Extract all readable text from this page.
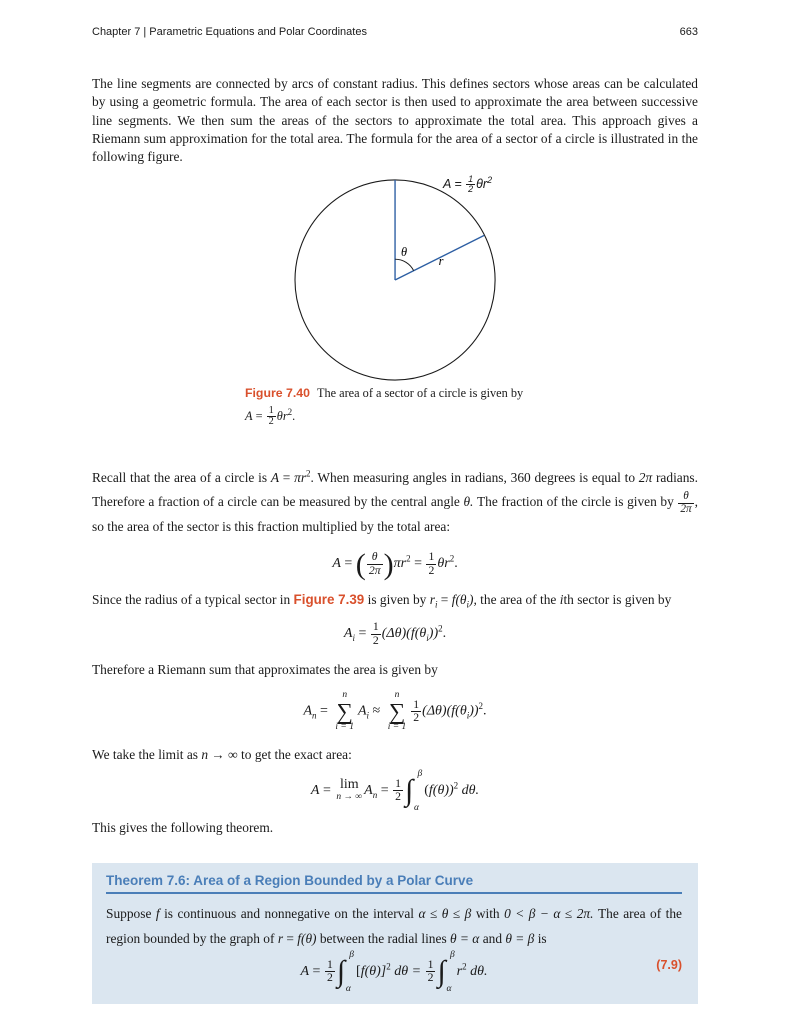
Chapter 7 | Parametric Equations and Polar Coordinates	663

The line segments are connected by arcs of constant radius. This defines sectors whose areas can be calculated by using a geometric formula. The area of each sector is then used to approximate the area between successive line segments. We then sum the areas of the sectors to approximate the total area. This approach gives a Riemann sum approximation for the total area. The formula for the area of a sector of a circle is illustrated in the following figure.

θ
r
$A = \frac{1}{2} \theta r^2$
Figure 7.40 The area of a sector of a circle is given by
$A = \frac{1}{2} \theta r^2$.

Recall that the area of a circle is $A = \pi r^2$. When measuring angles in radians, 360 degrees is equal to 2π radians. Therefore a fraction of a circle can be measured by the central angle θ. The fraction of the circle is given by $\frac{\theta}{2\pi}$ , so the area of the sector is this fraction multiplied by the total area:

A = ( $\frac{\theta}{2\pi} )\pi r^2 = \frac{1}{2} \theta r^2$.

Since the radius of a typical sector in Figure 7.39 is given by $r_i = f(\theta_i)$, the area of the ith sector is given by

$A_i = \frac{1}{2} (\Delta\theta)(f(\theta_i))^2$.

Therefore a Riemann sum that approximates the area is given by

$A_n$ =
n
∑
i = 1
$A_i$ ≈
n
∑
i = 1
$\frac{1}{2} (\Delta\theta)(f(\theta_i))^2$.

We take the limit as n → ∞ to get the exact area:

A = lim
n → ∞ $A_n = \frac{1}{2}$ ∫ β
α
$(f(\theta))^2$ dθ.

This gives the following theorem.

Theorem 7.6: Area of a Region Bounded by a Polar Curve
Suppose f is continuous and nonnegative on the interval α ≤ θ ≤ β with 0 < β − α ≤ 2π. The area of the region bounded by the graph of r = f(θ) between the radial lines θ = α and θ = β is
(7.9)
$A = \frac{1}{2}$ ∫ β
α
$[f(\theta)]^2$ $d\theta = \frac{1}{2}$ ∫ β
α
$r^2$ dθ.
